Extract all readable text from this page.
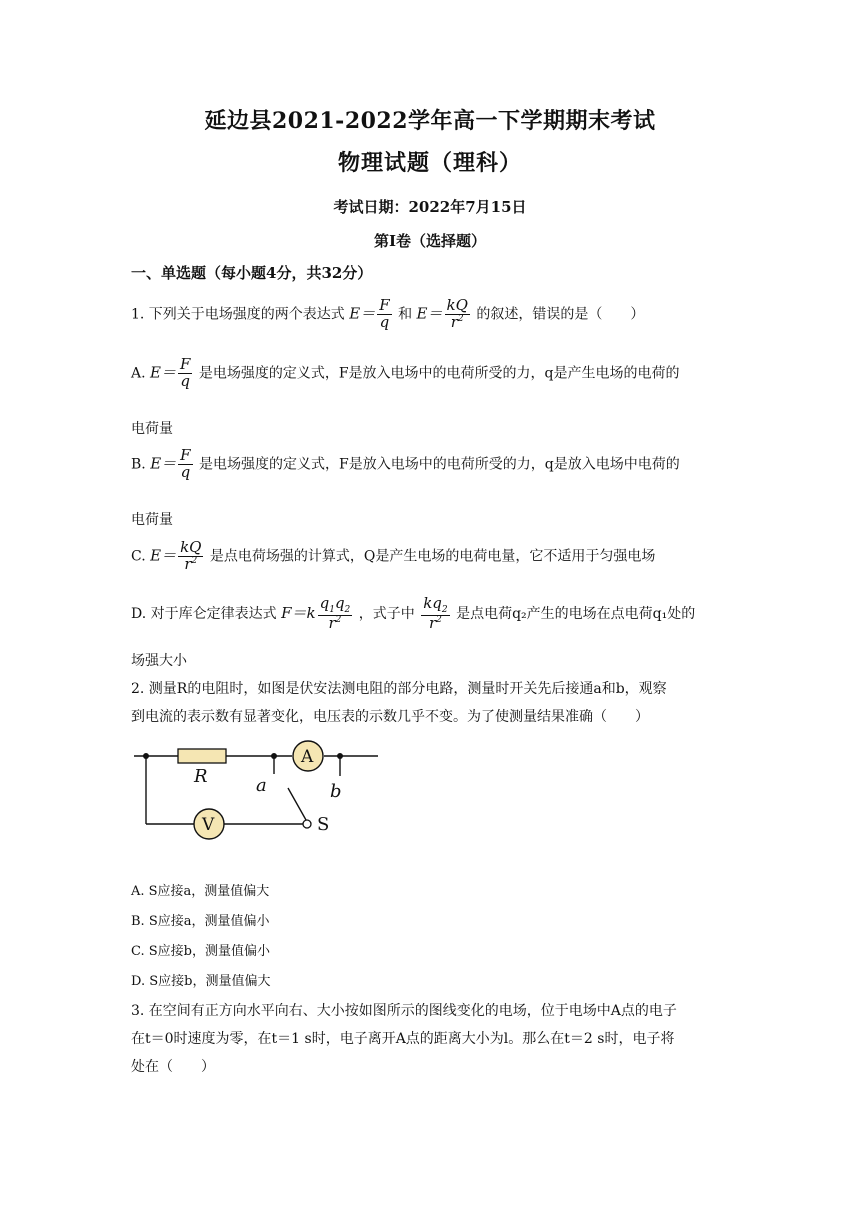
延边县2021-2022学年高一下学期期末考试
物理试题（理科）
考试日期：2022年7月15日
第Ⅰ卷（选择题）
一、单选题（每小题4分，共32分）
1. 下列关于电场强度的两个表达式 $E= \frac{F}{q}$ 和 $E= \frac{kQ}{r^2}$ 的叙述，错误的是（　　）
A. $E= \frac{F}{q}$ 是电场强度的定义式，F是放入电场中的电荷所受的力，q是产生电场的电荷的
电荷量
B. $E= \frac{F}{q}$ 是电场强度的定义式，F是放入电场中的电荷所受的力，q是放入电场中电荷的
电荷量
C. $E= \frac{kQ}{r^2}$ 是点电荷场强的计算式，Q是产生电场的电荷电量，它不适用于匀强电场
D. 对于库仑定律表达式 $F=k \frac{q_1q_2}{r^2}$ ，式子中 $\frac{kq_2}{r^2}$ 是点电荷q₂产生的电场在点电荷q₁处的
场强大小
2. 测量R的电阻时，如图是伏安法测电阻的部分电路，测量时开关先后接通a和b，观察
到电流的表示数有显著变化，电压表的示数几乎不变。为了使测量结果准确（　　）
R
A
V
a	b
S
A. S应接a，测量值偏大
B. S应接a，测量值偏小
C. S应接b，测量值偏小
D. S应接b，测量值偏大
3. 在空间有正方向水平向右、大小按如图所示的图线变化的电场，位于电场中A点的电子
在t＝0时速度为零，在t＝1 s时，电子离开A点的距离大小为l。那么在t＝2 s时，电子将
处在（　　）
